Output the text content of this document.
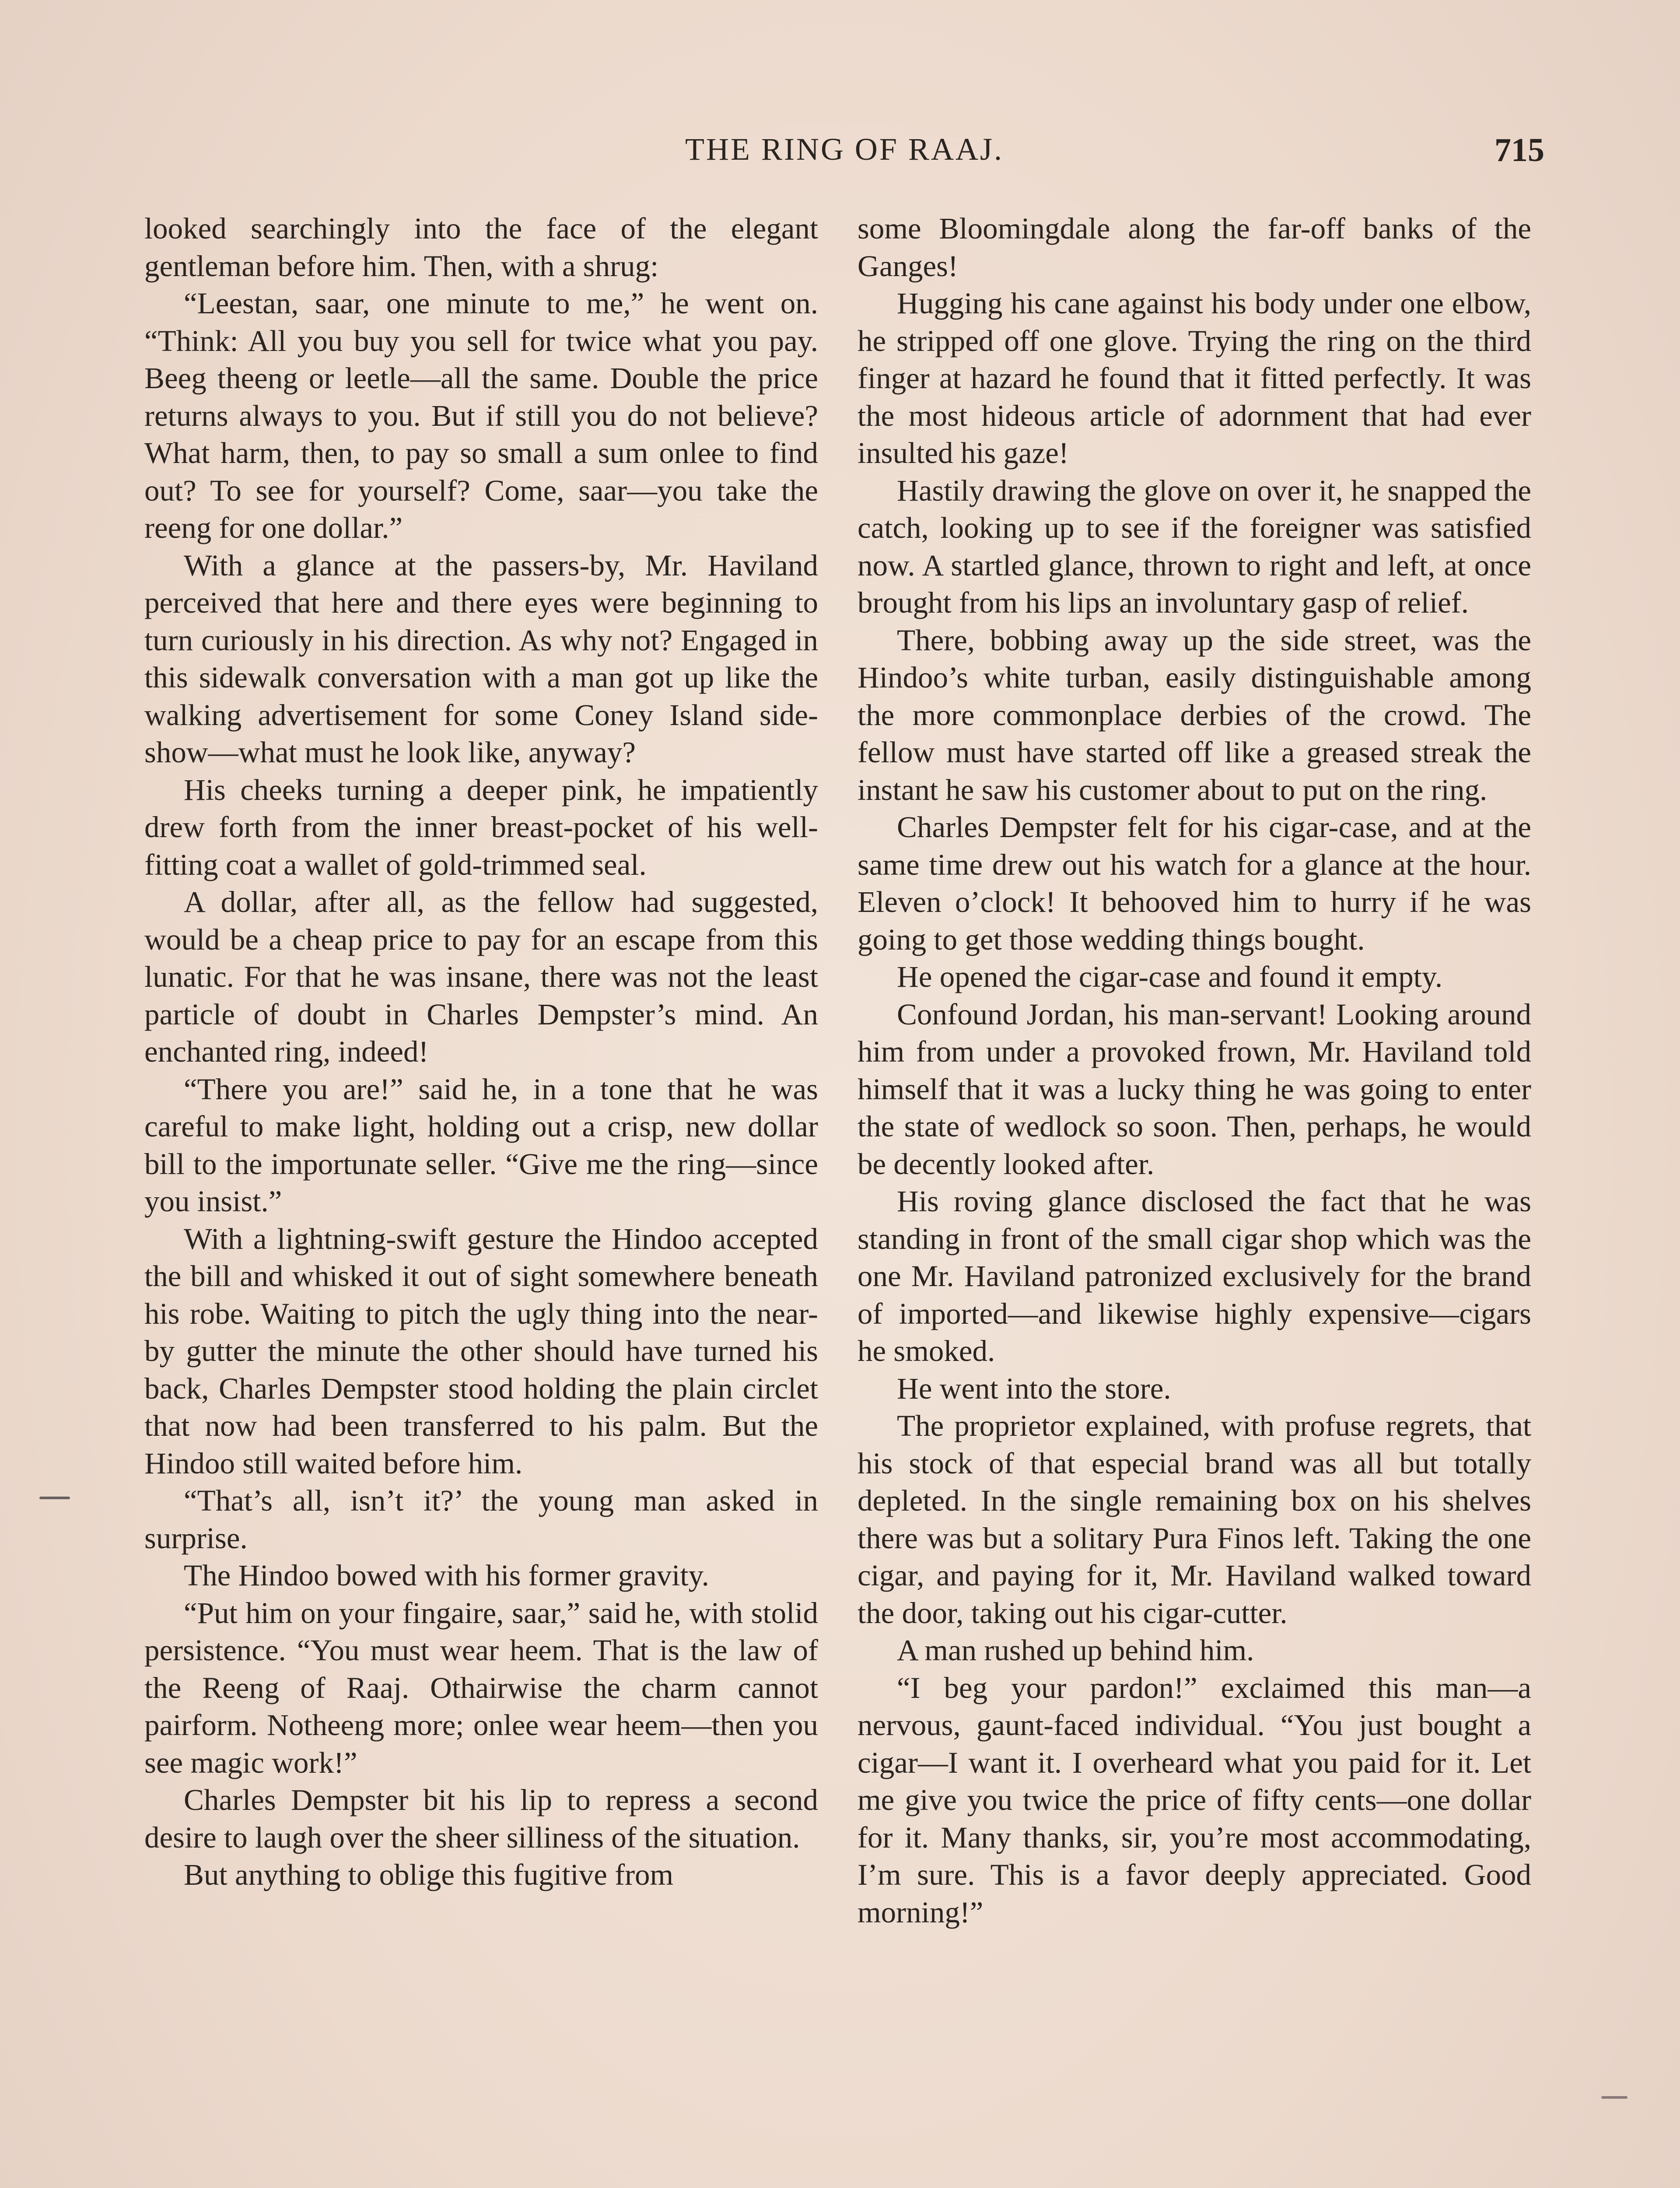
THE RING OF RAAJ.	715

looked searchingly into the face of the elegant gentleman before him. Then, with a shrug:

“Leestan, saar, one minute to me,” he went on. “Think: All you buy you sell for twice what you pay. Beeg theeng or leetle—all the same. Double the price returns always to you. But if still you do not believe? What harm, then, to pay so small a sum onlee to find out? To see for yourself? Come, saar—you take the reeng for one dollar.”

With a glance at the passers-by, Mr. Haviland perceived that here and there eyes were beginning to turn curiously in his direction. As why not? Engaged in this sidewalk conversation with a man got up like the walking advertisement for some Coney Island side-show—what must he look like, anyway?

His cheeks turning a deeper pink, he impatiently drew forth from the inner breast-pocket of his well-fitting coat a wallet of gold-trimmed seal.

A dollar, after all, as the fellow had suggested, would be a cheap price to pay for an escape from this lunatic. For that he was insane, there was not the least particle of doubt in Charles Dempster’s mind. An enchanted ring, indeed!

“There you are!” said he, in a tone that he was careful to make light, holding out a crisp, new dollar bill to the importunate seller. “Give me the ring—since you insist.”

With a lightning-swift gesture the Hindoo accepted the bill and whisked it out of sight somewhere beneath his robe. Waiting to pitch the ugly thing into the near-by gutter the minute the other should have turned his back, Charles Dempster stood holding the plain circlet that now had been transferred to his palm. But the Hindoo still waited before him.

“That’s all, isn’t it?’ the young man asked in surprise.

The Hindoo bowed with his former gravity.

“Put him on your fingaire, saar,” said he, with stolid persistence. “You must wear heem. That is the law of the Reeng of Raaj. Othairwise the charm cannot pairform. Notheeng more; onlee wear heem—then you see magic work!”

Charles Dempster bit his lip to repress a second desire to laugh over the sheer silliness of the situation.

But anything to oblige this fugitive from

some Bloomingdale along the far-off banks of the Ganges!

Hugging his cane against his body under one elbow, he stripped off one glove. Trying the ring on the third finger at hazard he found that it fitted perfectly. It was the most hideous article of adornment that had ever insulted his gaze!

Hastily drawing the glove on over it, he snapped the catch, looking up to see if the foreigner was satisfied now. A startled glance, thrown to right and left, at once brought from his lips an involuntary gasp of relief.

There, bobbing away up the side street, was the Hindoo’s white turban, easily distinguishable among the more commonplace derbies of the crowd. The fellow must have started off like a greased streak the instant he saw his customer about to put on the ring.

Charles Dempster felt for his cigar-case, and at the same time drew out his watch for a glance at the hour. Eleven o’clock! It behooved him to hurry if he was going to get those wedding things bought.

He opened the cigar-case and found it empty.

Confound Jordan, his man-servant! Looking around him from under a provoked frown, Mr. Haviland told himself that it was a lucky thing he was going to enter the state of wedlock so soon. Then, perhaps, he would be decently looked after.

His roving glance disclosed the fact that he was standing in front of the small cigar shop which was the one Mr. Haviland patronized exclusively for the brand of imported—and likewise highly expensive—cigars he smoked.

He went into the store.

The proprietor explained, with profuse regrets, that his stock of that especial brand was all but totally depleted. In the single remaining box on his shelves there was but a solitary Pura Finos left. Taking the one cigar, and paying for it, Mr. Haviland walked toward the door, taking out his cigar-cutter.

A man rushed up behind him.

“I beg your pardon!” exclaimed this man—a nervous, gaunt-faced individual. “You just bought a cigar—I want it. I overheard what you paid for it. Let me give you twice the price of fifty cents—one dollar for it. Many thanks, sir, you’re most accommodating, I’m sure. This is a favor deeply appreciated. Good morning!”
